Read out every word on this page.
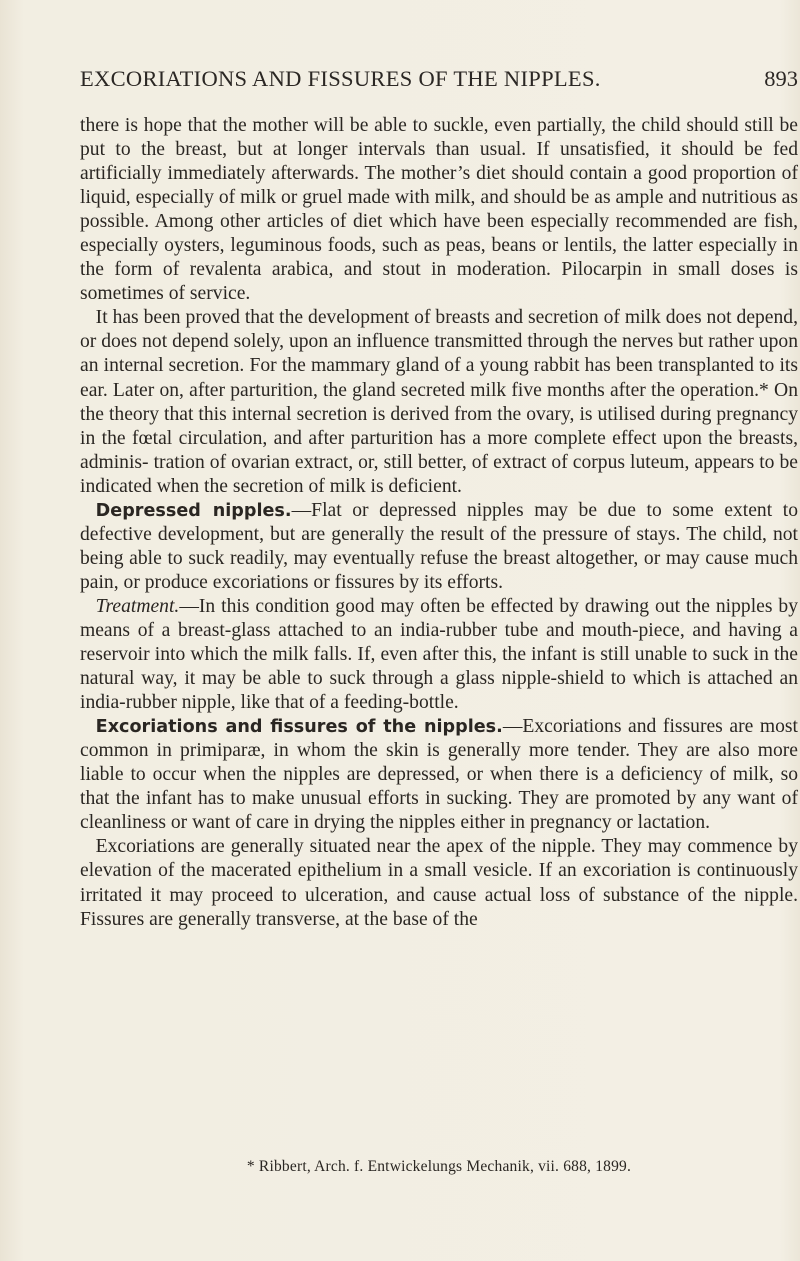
EXCORIATIONS AND FISSURES OF THE NIPPLES.	893

there is hope that the mother will be able to suckle, even partially, the child should still be put to the breast, but at longer intervals than usual. If unsatisfied, it should be fed artificially immediately afterwards. The mother’s diet should contain a good proportion of liquid, especially of milk or gruel made with milk, and should be as ample and nutritious as possible. Among other articles of diet which have been especially recommended are fish, especially oysters, leguminous foods, such as peas, beans or lentils, the latter especially in the form of revalenta arabica, and stout in moderation. Pilocarpin in small doses is sometimes of service.

It has been proved that the development of breasts and secretion of milk does not depend, or does not depend solely, upon an influence transmitted through the nerves but rather upon an internal secretion. For the mammary gland of a young rabbit has been transplanted to its ear. Later on, after parturition, the gland secreted milk five months after the operation.* On the theory that this internal secretion is derived from the ovary, is utilised during pregnancy in the fœtal circulation, and after parturition has a more complete effect upon the breasts, adminis- tration of ovarian extract, or, still better, of extract of corpus luteum, appears to be indicated when the secretion of milk is deficient.

Depressed nipples.—Flat or depressed nipples may be due to some extent to defective development, but are generally the result of the pressure of stays. The child, not being able to suck readily, may eventually refuse the breast altogether, or may cause much pain, or produce excoriations or fissures by its efforts.

Treatment.—In this condition good may often be effected by drawing out the nipples by means of a breast-glass attached to an india-rubber tube and mouth-piece, and having a reservoir into which the milk falls. If, even after this, the infant is still unable to suck in the natural way, it may be able to suck through a glass nipple-shield to which is attached an india-rubber nipple, like that of a feeding-bottle.

Excoriations and fissures of the nipples.—Excoriations and fissures are most common in primiparæ, in whom the skin is generally more tender. They are also more liable to occur when the nipples are depressed, or when there is a deficiency of milk, so that the infant has to make unusual efforts in sucking. They are promoted by any want of cleanliness or want of care in drying the nipples either in pregnancy or lactation.

Excoriations are generally situated near the apex of the nipple. They may commence by elevation of the macerated epithelium in a small vesicle. If an excoriation is continuously irritated it may proceed to ulceration, and cause actual loss of substance of the nipple. Fissures are generally transverse, at the base of the

* Ribbert, Arch. f. Entwickelungs Mechanik, vii. 688, 1899.
